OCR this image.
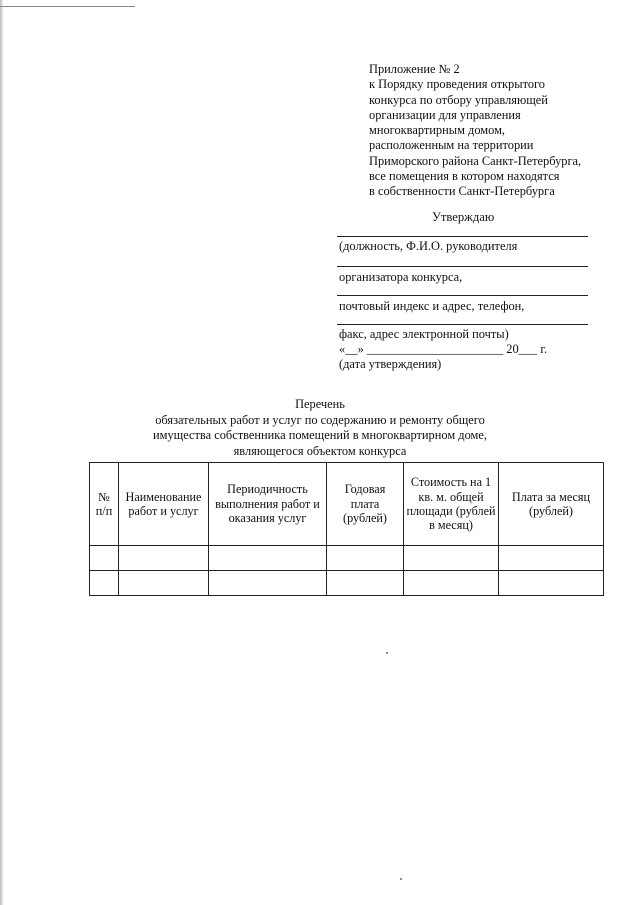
Приложение № 2
к Порядку проведения открытого
конкурса по отбору управляющей
организации для управления
многоквартирным домом,
расположенным на территории
Приморского района Санкт-Петербурга,
все помещения в котором находятся
в собственности Санкт-Петербурга
Утверждаю
(должность, Ф.И.О. руководителя
организатора конкурса,
почтовый индекс и адрес, телефон,
факс, адрес электронной почты)
«__» ______________________ 20___ г.
(дата утверждения)
Перечень
обязательных работ и услуг по содержанию и ремонту общего
имущества собственника помещений в многоквартирном доме,
являющегося объектом конкурса
№ п/п	Наименование работ и услуг	Периодичность выполнения работ и оказания услуг	Годовая плата (рублей)	Стоимость на 1 кв. м. общей площади (рублей в месяц)	Плата за месяц (рублей)
